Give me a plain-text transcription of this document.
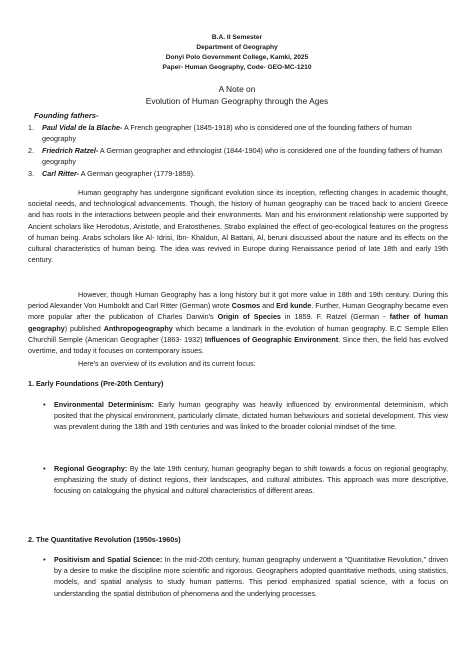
B.A. II Semester
Department of Geography
Donyi Polo Government College, Kamki, 2025
Paper- Human Geography, Code- GEO-MC-1210
A Note on
Evolution of Human Geography through the Ages
Founding fathers-
1. Paul Vidal de la Blache- A French geographer (1845-1918) who is considered one of the founding fathers of human geography
2. Friedrich Ratzel- A German geographer and ethnologist (1844-1904) who is considered one of the founding fathers of human geography
3. Carl Ritter- A German geographer (1779-1859).

Human geography has undergone significant evolution since its inception, reflecting changes in academic thought, societal needs, and technological advancements. Though, the history of human geography can be traced back to ancient Greece and has roots in the interactions between people and their environments. Man and his environment relationship were supported by Ancient scholars like Herodotus, Aristotle, and Eratosthenes. Strabo explained the effect of geo-ecological features on the progress of human being. Arabs scholars like Al- Idrisi, Ibn- Khaldun, Al Battani, Al, beruni discussed about the nature and its effects on the cultural characteristics of human being. The idea was revived in Europe during Renaissance period of late 18th and early 19th century.

However, though Human Geography has a long history but it got more value in 18th and 19th century. During this period Alexander Von Humboldt and Carl Ritter (German) wrote Cosmos and Erd kunde. Further, Human Geography became even more popular after the publication of Charles Darwin's Origin of Species in 1859. F. Ratzel (German - father of human geography) published Anthropogeography which became a landmark in the evolution of human geography. E.C Semple Ellen Churchill Semple (American Geographer (1863- 1932) Influences of Geographic Environment. Since then, the field has evolved overtime, and today it focuses on contemporary issues.

Here's an overview of its evolution and its current focus:
1. Early Foundations (Pre-20th Century)
• Environmental Determinism: Early human geography was heavily influenced by environmental determinism, which posited that the physical environment, particularly climate, dictated human behaviours and societal development. This view was prevalent during the 18th and 19th centuries and was linked to the broader colonial mindset of the time.

• Regional Geography: By the late 19th century, human geography began to shift towards a focus on regional geography, emphasizing the study of distinct regions, their landscapes, and cultural attributes. This approach was more descriptive, focusing on cataloguing the physical and cultural characteristics of different areas.

2. The Quantitative Revolution (1950s-1960s)
• Positivism and Spatial Science: In the mid-20th century, human geography underwent a "Quantitative Revolution," driven by a desire to make the discipline more scientific and rigorous. Geographers adopted quantitative methods, using statistics, models, and spatial analysis to study human patterns. This period emphasized spatial science, with a focus on understanding the spatial distribution of phenomena and the underlying processes.
